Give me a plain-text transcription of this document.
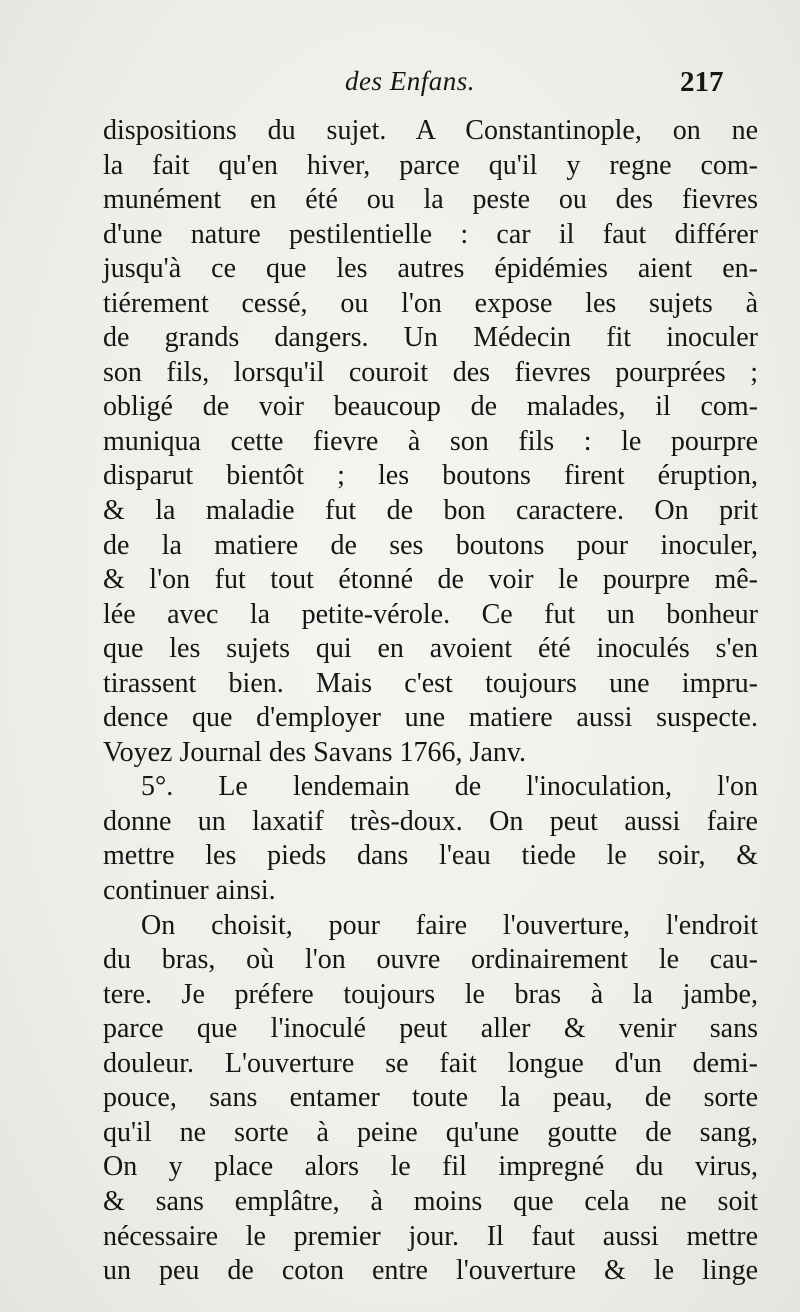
des Enfans.	217
dispositions du sujet. A Constantinople, on ne
la fait qu'en hiver, parce qu'il y regne com-
munément en été ou la peste ou des fievres
d'une nature pestilentielle : car il faut différer
jusqu'à ce que les autres épidémies aient en-
tiérement cessé, ou l'on expose les sujets à
de grands dangers. Un Médecin fit inoculer
son fils, lorsqu'il couroit des fievres pourprées ;
obligé de voir beaucoup de malades, il com-
muniqua cette fievre à son fils : le pourpre
disparut bientôt ; les boutons firent éruption,
& la maladie fut de bon caractere. On prit
de la matiere de ses boutons pour inoculer,
& l'on fut tout étonné de voir le pourpre mê-
lée avec la petite-vérole. Ce fut un bonheur
que les sujets qui en avoient été inoculés s'en
tirassent bien. Mais c'est toujours une impru-
dence que d'employer une matiere aussi suspecte.
Voyez Journal des Savans 1766, Janv.
5°. Le lendemain de l'inoculation, l'on
donne un laxatif très-doux. On peut aussi faire
mettre les pieds dans l'eau tiede le soir, &
continuer ainsi.
On choisit, pour faire l'ouverture, l'endroit
du bras, où l'on ouvre ordinairement le cau-
tere. Je préfere toujours le bras à la jambe,
parce que l'inoculé peut aller & venir sans
douleur. L'ouverture se fait longue d'un demi-
pouce, sans entamer toute la peau, de sorte
qu'il ne sorte à peine qu'une goutte de sang,
On y place alors le fil impregné du virus,
& sans emplâtre, à moins que cela ne soit
nécessaire le premier jour. Il faut aussi mettre
un peu de coton entre l'ouverture & le linge
